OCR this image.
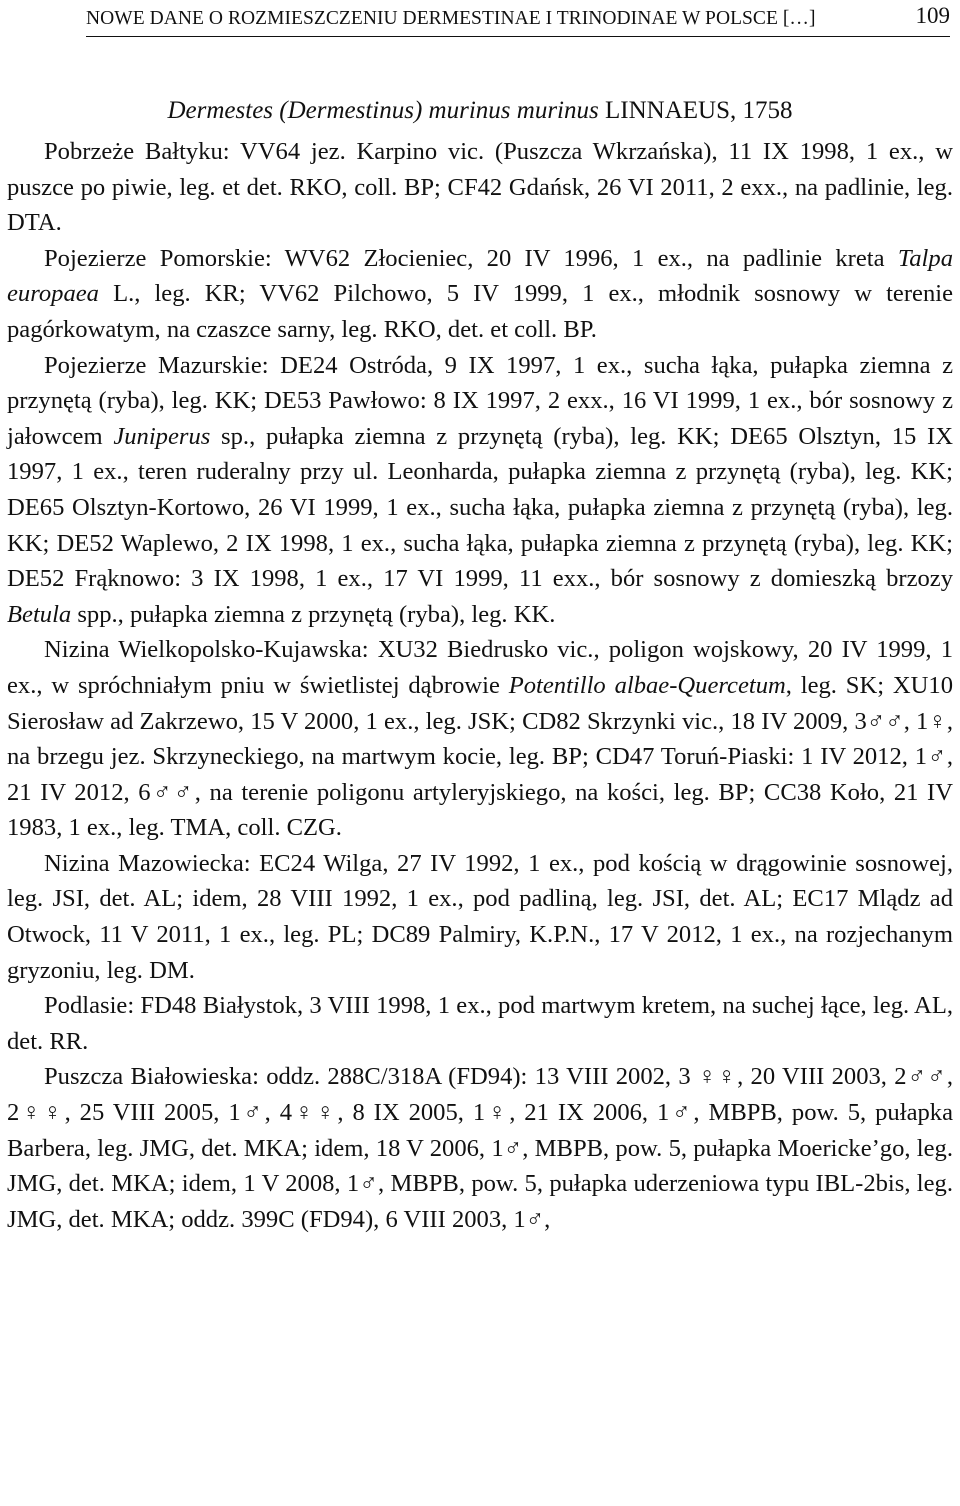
NOWE DANE O ROZMIESZCZENIU DERMESTINAE I TRINODINAE W POLSCE […]	109
Dermestes (Dermestinus) murinus murinus LINNAEUS, 1758

Pobrzeże Bałtyku: VV64 jez. Karpino vic. (Puszcza Wkrzańska), 11 IX 1998, 1 ex., w puszce po piwie, leg. et det. RKO, coll. BP; CF42 Gdańsk, 26 VI 2011, 2 exx., na padlinie, leg. DTA.

Pojezierze Pomorskie: WV62 Złocieniec, 20 IV 1996, 1 ex., na padlinie kreta Talpa europaea L., leg. KR; VV62 Pilchowo, 5 IV 1999, 1 ex., młodnik sosnowy w terenie pagórkowatym, na czaszce sarny, leg. RKO, det. et coll. BP.

Pojezierze Mazurskie: DE24 Ostróda, 9 IX 1997, 1 ex., sucha łąka, pułapka ziemna z przynętą (ryba), leg. KK; DE53 Pawłowo: 8 IX 1997, 2 exx., 16 VI 1999, 1 ex., bór sosnowy z jałowcem Juniperus sp., pułapka ziemna z przynętą (ryba), leg. KK; DE65 Olsztyn, 15 IX 1997, 1 ex., teren ruderalny przy ul. Leonharda, pułapka ziemna z przynętą (ryba), leg. KK; DE65 Olsztyn-Kortowo, 26 VI 1999, 1 ex., sucha łąka, pułapka ziemna z przynętą (ryba), leg. KK; DE52 Waplewo, 2 IX 1998, 1 ex., sucha łąka, pułapka ziemna z przynętą (ryba), leg. KK; DE52 Frąknowo: 3 IX 1998, 1 ex., 17 VI 1999, 11 exx., bór sosnowy z domieszką brzozy Betula spp., pułapka ziemna z przynętą (ryba), leg. KK.

Nizina Wielkopolsko-Kujawska: XU32 Biedrusko vic., poligon wojskowy, 20 IV 1999, 1 ex., w spróchniałym pniu w świetlistej dąbrowie Potentillo albae-Quercetum, leg. SK; XU10 Sierosław ad Zakrzewo, 15 V 2000, 1 ex., leg. JSK; CD82 Skrzynki vic., 18 IV 2009, 3♂♂, 1♀, na brzegu jez. Skrzyneckiego, na martwym kocie, leg. BP; CD47 Toruń-Piaski: 1 IV 2012, 1♂, 21 IV 2012, 6♂♂, na terenie poligonu artyleryjskiego, na kości, leg. BP; CC38 Koło, 21 IV 1983, 1 ex., leg. TMA, coll. CZG.

Nizina Mazowiecka: EC24 Wilga, 27 IV 1992, 1 ex., pod kością w drągowinie sosnowej, leg. JSI, det. AL; idem, 28 VIII 1992, 1 ex., pod padliną, leg. JSI, det. AL; EC17 Mlądz ad Otwock, 11 V 2011, 1 ex., leg. PL; DC89 Palmiry, K.P.N., 17 V 2012, 1 ex., na rozjechanym gryzoniu, leg. DM.

Podlasie: FD48 Białystok, 3 VIII 1998, 1 ex., pod martwym kretem, na suchej łące, leg. AL, det. RR.

Puszcza Białowieska: oddz. 288C/318A (FD94): 13 VIII 2002, 3 ♀♀, 20 VIII 2003, 2♂♂, 2♀♀, 25 VIII 2005, 1♂, 4♀♀, 8 IX 2005, 1♀, 21 IX 2006, 1♂, MBPB, pow. 5, pułapka Barbera, leg. JMG, det. MKA; idem, 18 V 2006, 1♂, MBPB, pow. 5, pułapka Moericke’go, leg. JMG, det. MKA; idem, 1 V 2008, 1♂, MBPB, pow. 5, pułapka uderzeniowa typu IBL-2bis, leg. JMG, det. MKA; oddz. 399C (FD94), 6 VIII 2003, 1♂,
